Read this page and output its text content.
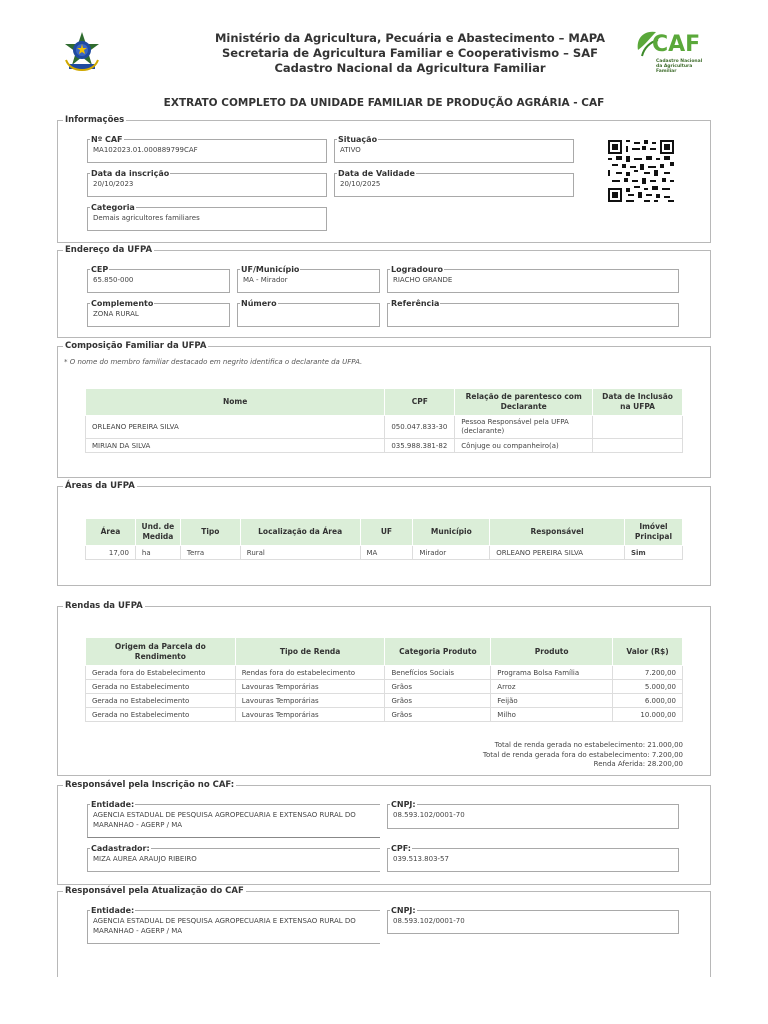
Ministério da Agricultura, Pecuária e Abastecimento – MAPA
Secretaria de Agricultura Familiar e Cooperativismo – SAF
Cadastro Nacional da Agricultura Familiar
CAF
Cadastro Nacional
da Agricultura Familiar
EXTRATO COMPLETO DA UNIDADE FAMILIAR DE PRODUÇÃO AGRÁRIA - CAF
Informações
Nº CAF
MA102023.01.000889799CAF
Situação
ATIVO
Data da inscrição
20/10/2023
Data de Validade
20/10/2025
Categoria
Demais agricultores familiares
Endereço da UFPA
CEP
65.850-000
UF/Município
MA - Mirador
Logradouro
RIACHO GRANDE
Complemento
ZONA RURAL
Número	Referência
Composição Familiar da UFPA
* O nome do membro familiar destacado em negrito identifica o declarante da UFPA.
Nome	CPF	Relação de parentesco com Declarante	Data de Inclusão na UFPA
ORLEANO PEREIRA SILVA	050.047.833-30	Pessoa Responsável pela UFPA (declarante)	
MIRIAN DA SILVA	035.988.381-82	Cônjuge ou companheiro(a)	
Áreas da UFPA
Área	Und. de Medida	Tipo	Localização da Área	UF	Município	Responsável	Imóvel Principal
17,00	ha	Terra	Rural	MA	Mirador	ORLEANO PEREIRA SILVA	Sim
Rendas da UFPA
Origem da Parcela do Rendimento	Tipo de Renda	Categoria Produto	Produto	Valor (R$)
Gerada fora do Estabelecimento	Rendas fora do estabelecimento	Benefícios Sociais	Programa Bolsa Família	7.200,00
Gerada no Estabelecimento	Lavouras Temporárias	Grãos	Arroz	5.000,00
Gerada no Estabelecimento	Lavouras Temporárias	Grãos	Feijão	6.000,00
Gerada no Estabelecimento	Lavouras Temporárias	Grãos	Milho	10.000,00
Total de renda gerada no estabelecimento: 21.000,00
Total de renda gerada fora do estabelecimento: 7.200,00
Renda Aferida: 28.200,00
Responsável pela Inscrição no CAF:
Entidade:
AGENCIA ESTADUAL DE PESQUISA AGROPECUARIA E EXTENSAO RURAL DO MARANHAO - AGERP / MA
CNPJ:
08.593.102/0001-70
Cadastrador:
MIZA AUREA ARAUJO RIBEIRO
CPF:
039.513.803-57
Responsável pela Atualização do CAF
Entidade:
AGENCIA ESTADUAL DE PESQUISA AGROPECUARIA E EXTENSAO RURAL DO MARANHAO - AGERP / MA
CNPJ:
08.593.102/0001-70
